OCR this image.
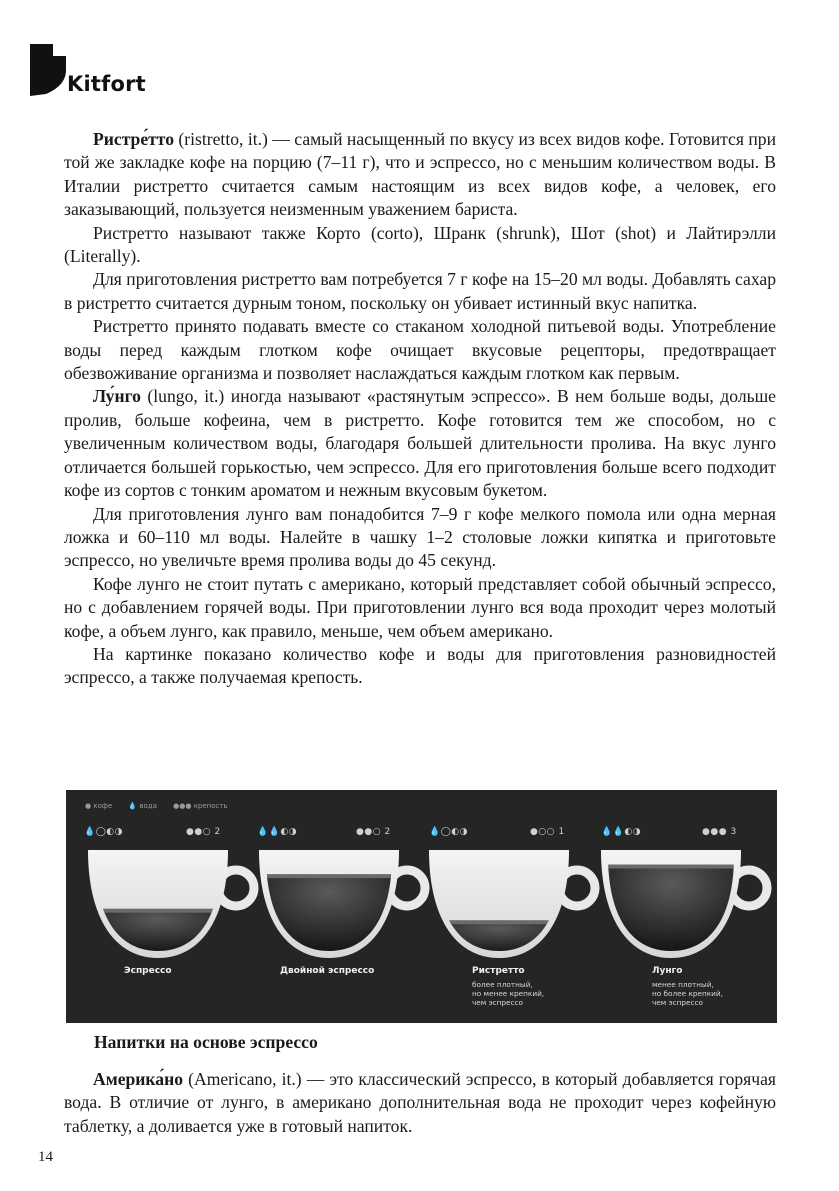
Kitfort

Ристре́тто (ristretto, it.) — самый насыщенный по вкусу из всех видов кофе. Готовится при той же закладке кофе на порцию (7–11 г), что и эспрессо, но с меньшим количеством воды. В Италии ристретто считается самым настоящим из всех видов кофе, а человек, его заказывающий, пользуется неизменным уважением бариста.

Ристретто называют также Корто (corto), Шранк (shrunk), Шот (shot) и Лайтирэлли (Literally).

Для приготовления ристретто вам потребуется 7 г кофе на 15–20 мл воды. Добавлять сахар в ристретто считается дурным тоном, поскольку он убивает истинный вкус напитка.

Ристретто принято подавать вместе со стаканом холодной питьевой воды. Употребление воды перед каждым глотком кофе очищает вкусовые рецепторы, предотвращает обезвоживание организма и позволяет наслаждаться каждым глотком как первым.

Лу́нго (lungo, it.) иногда называют «растянутым эспрессо». В нем больше воды, дольше пролив, больше кофеина, чем в ристретто. Кофе готовится тем же способом, но с увеличенным количеством воды, благодаря большей длительности пролива. На вкус лунго отличается большей горькостью, чем эспрессо. Для его приготовления больше всего подходит кофе из сортов с тонким ароматом и нежным вкусовым букетом.

Для приготовления лунго вам понадобится 7–9 г кофе мелкого помола или одна мерная ложка и 60–110 мл воды. Налейте в чашку 1–2 столовые ложки кипятка и приготовьте эспрессо, но увеличьте время пролива воды до 45 секунд.

Кофе лунго не стоит путать с американо, который представляет собой обычный эспрессо, но с добавлением горячей воды. При приготовлении лунго вся вода проходит через молотый кофе, а объем лунго, как правило, меньше, чем объем американо.

На картинке показано количество кофе и воды для приготовления разновидностей эспрессо, а также получаемая крепость.

● кофе 💧 вода ●●● крепость
💧◯◐◑	●●○ 2	💧💧◐◑	●●○ 2	💧◯◐◑	●○○ 1	💧💧◐◑	●●● 3
Эспрессо	Двойной эспрессо	Ристретто
более плотный,
но менее крепкий,
чем эспрессо
Лунго
менее плотный,
но более крепкий,
чем эспрессо
Напитки на основе эспрессо

Америка́но (Americano, it.) — это классический эспрессо, в который добавляется горячая вода. В отличие от лунго, в американо дополнительная вода не проходит через кофейную таблетку, а доливается уже в готовый напиток.

14
